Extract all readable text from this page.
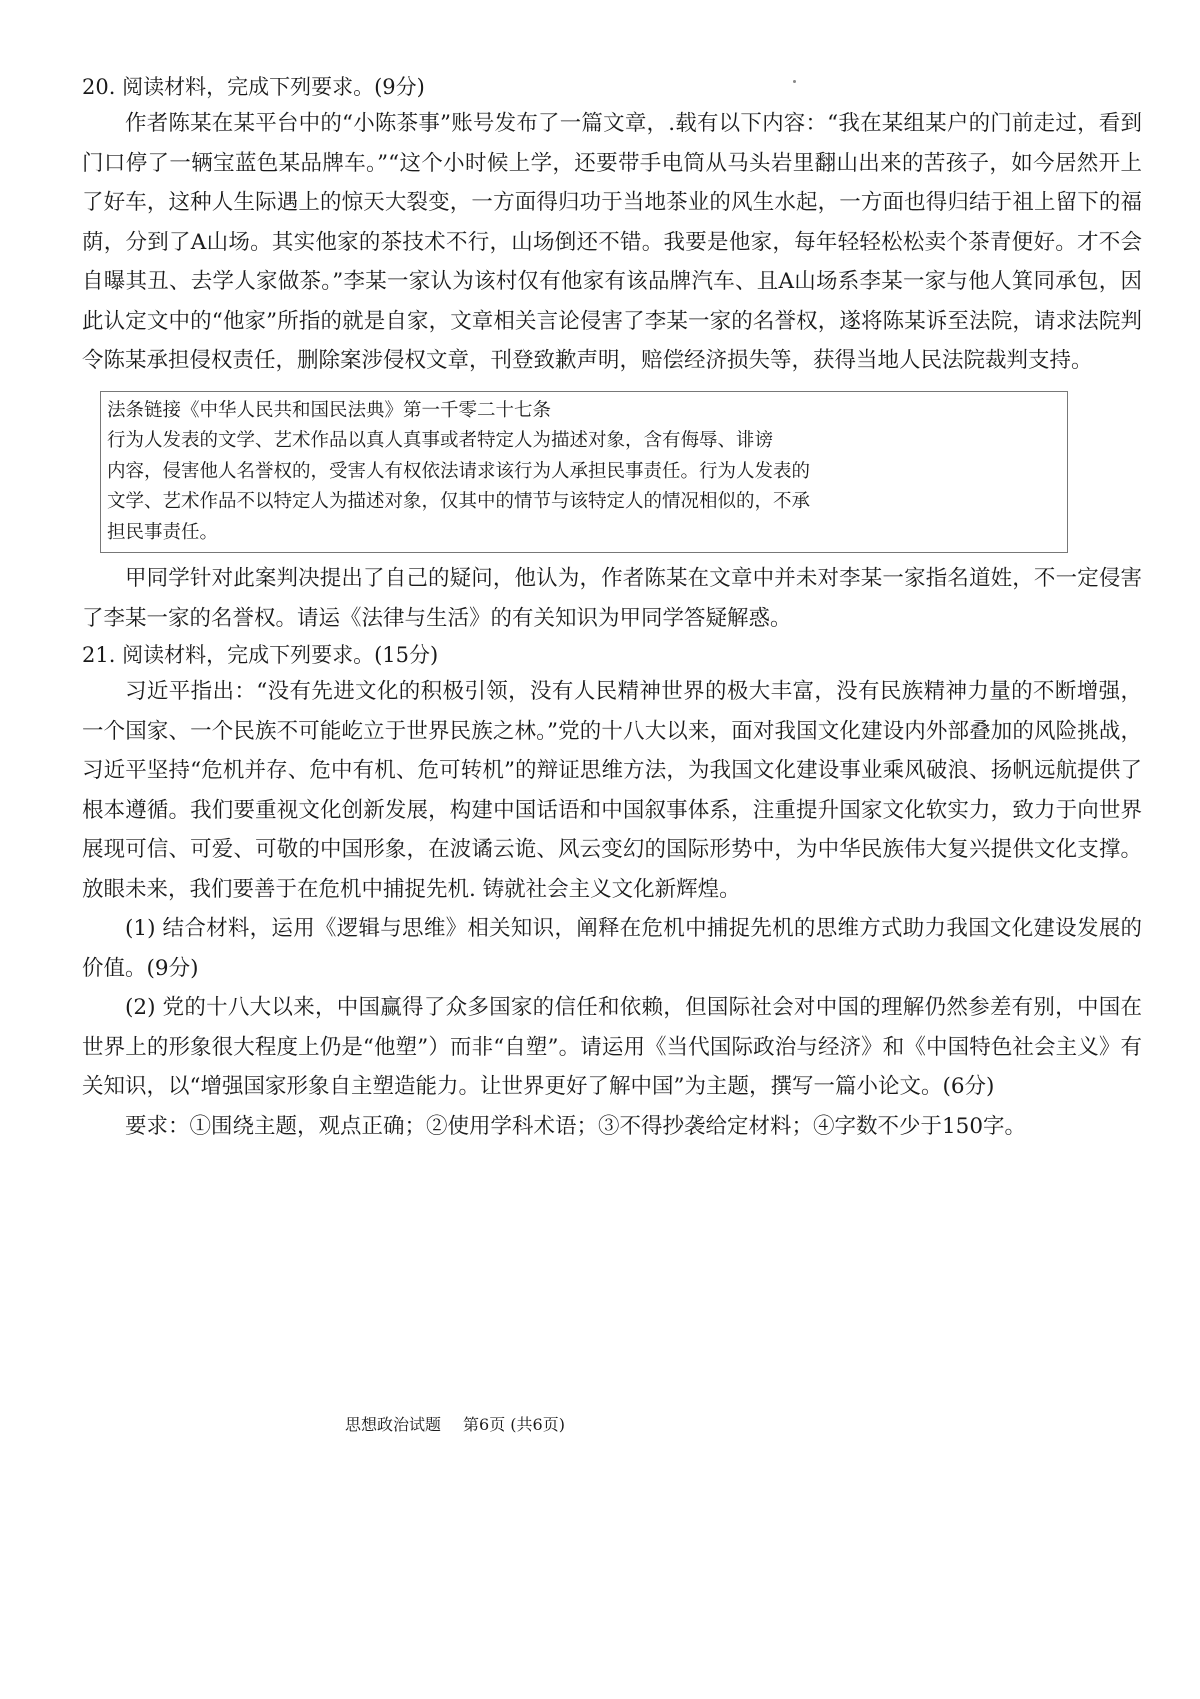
20. 阅读材料，完成下列要求。(9分)

作者陈某在某平台中的“小陈茶事”账号发布了一篇文章，.载有以下内容：“我在某组某户的门前走过，看到门口停了一辆宝蓝色某品牌车。”“这个小时候上学，还要带手电筒从马头岩里翻山出来的苦孩子，如今居然开上了好车，这种人生际遇上的惊天大裂变，一方面得归功于当地茶业的风生水起，一方面也得归结于祖上留下的福荫，分到了A山场。其实他家的茶技术不行，山场倒还不错。我要是他家，每年轻轻松松卖个茶青便好。才不会自曝其丑、去学人家做茶。”李某一家认为该村仅有他家有该品牌汽车、且A山场系李某一家与他人箕同承包，因此认定文中的“他家”所指的就是自家，文章相关言论侵害了李某一家的名誉权，遂将陈某诉至法院，请求法院判令陈某承担侵权责任，删除案涉侵权文章，刊登致歉声明，赔偿经济损失等，获得当地人民法院裁判支持。

法条链接《中华人民共和国民法典》第一千零二十七条

行为人发表的文学、艺术作品以真人真事或者特定人为描述对象，含有侮辱、诽谤

内容，侵害他人名誉权的，受害人有权依法请求该行为人承担民事责任。行为人发表的

文学、艺术作品不以特定人为描述对象，仅其中的情节与该特定人的情况相似的，不承

担民事责任。

甲同学针对此案判决提出了自己的疑问，他认为，作者陈某在文章中并未对李某一家指名道姓，不一定侵害了李某一家的名誉权。请运《法律与生活》的有关知识为甲同学答疑解惑。

21. 阅读材料，完成下列要求。(15分)

习近平指出：“没有先进文化的积极引领，没有人民精神世界的极大丰富，没有民族精神力量的不断增强，一个国家、一个民族不可能屹立于世界民族之林。”党的十八大以来，面对我国文化建设内外部叠加的风险挑战，习近平坚持“危机并存、危中有机、危可转机”的辩证思维方法，为我国文化建设事业乘风破浪、扬帆远航提供了根本遵循。我们要重视文化创新发展，构建中国话语和中国叙事体系，注重提升国家文化软实力，致力于向世界展现可信、可爱、可敬的中国形象，在波谲云诡、风云变幻的国际形势中，为中华民族伟大复兴提供文化支撑。放眼未来，我们要善于在危机中捕捉先机. 铸就社会主义文化新辉煌。

(1) 结合材料，运用《逻辑与思维》相关知识，阐释在危机中捕捉先机的思维方式助力我国文化建设发展的价值。(9分)

(2) 党的十八大以来，中国赢得了众多国家的信任和依赖，但国际社会对中国的理解仍然参差有别，中国在世界上的形象很大程度上仍是“他塑”）而非“自塑”。请运用《当代国际政治与经济》和《中国特色社会主义》有关知识，以“增强国家形象自主塑造能力。让世界更好了解中国”为主题，撰写一篇小论文。(6分)

要求：①围绕主题，观点正确；②使用学科术语；③不得抄袭给定材料；④字数不少于150字。

思想政治试题 第6页 (共6页)
